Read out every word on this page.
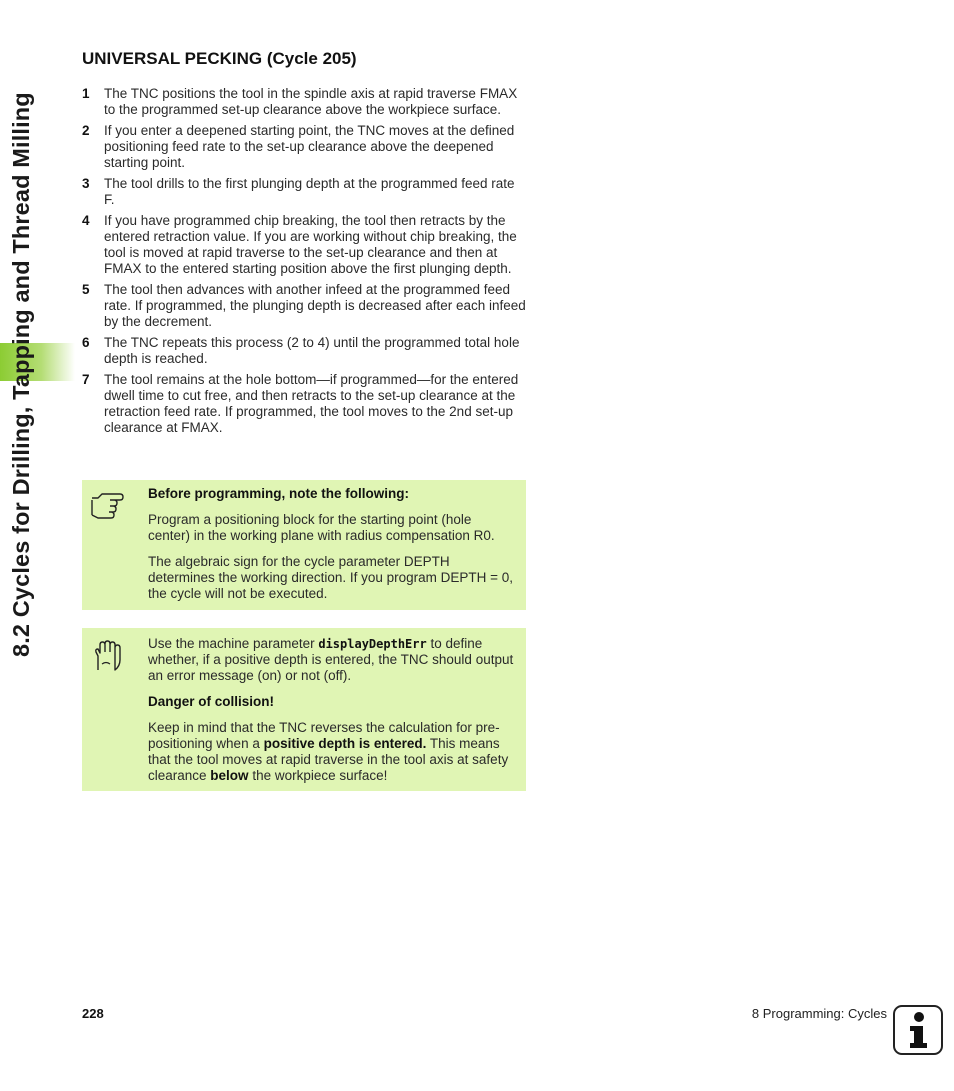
8.2 Cycles for Drilling, Tapping and Thread Milling
UNIVERSAL PECKING (Cycle 205)
1	The TNC positions the tool in the spindle axis at rapid traverse FMAX to the programmed set-up clearance above the workpiece surface.
2	If you enter a deepened starting point, the TNC moves at the defined positioning feed rate to the set-up clearance above the deepened starting point.
3	The tool drills to the first plunging depth at the programmed feed rate F.
4	If you have programmed chip breaking, the tool then retracts by the entered retraction value. If you are working without chip breaking, the tool is moved at rapid traverse to the set-up clearance and then at FMAX to the entered starting position above the first plunging depth.
5	The tool then advances with another infeed at the programmed feed rate. If programmed, the plunging depth is decreased after each infeed by the decrement.
6	The TNC repeats this process (2 to 4) until the programmed total hole depth is reached.
7	The tool remains at the hole bottom—if programmed—for the entered dwell time to cut free, and then retracts to the set-up clearance at the retraction feed rate. If programmed, the tool moves to the 2nd set-up clearance at FMAX.

Before programming, note the following:

Program a positioning block for the starting point (hole center) in the working plane with radius compensation R0.

The algebraic sign for the cycle parameter DEPTH determines the working direction. If you program DEPTH = 0, the cycle will not be executed.

Use the machine parameter displayDepthErr to define whether, if a positive depth is entered, the TNC should output an error message (on) or not (off).

Danger of collision!

Keep in mind that the TNC reverses the calculation for pre-positioning when a positive depth is entered. This means that the tool moves at rapid traverse in the tool axis at safety clearance below the workpiece surface!

228	8 Programming: Cycles
